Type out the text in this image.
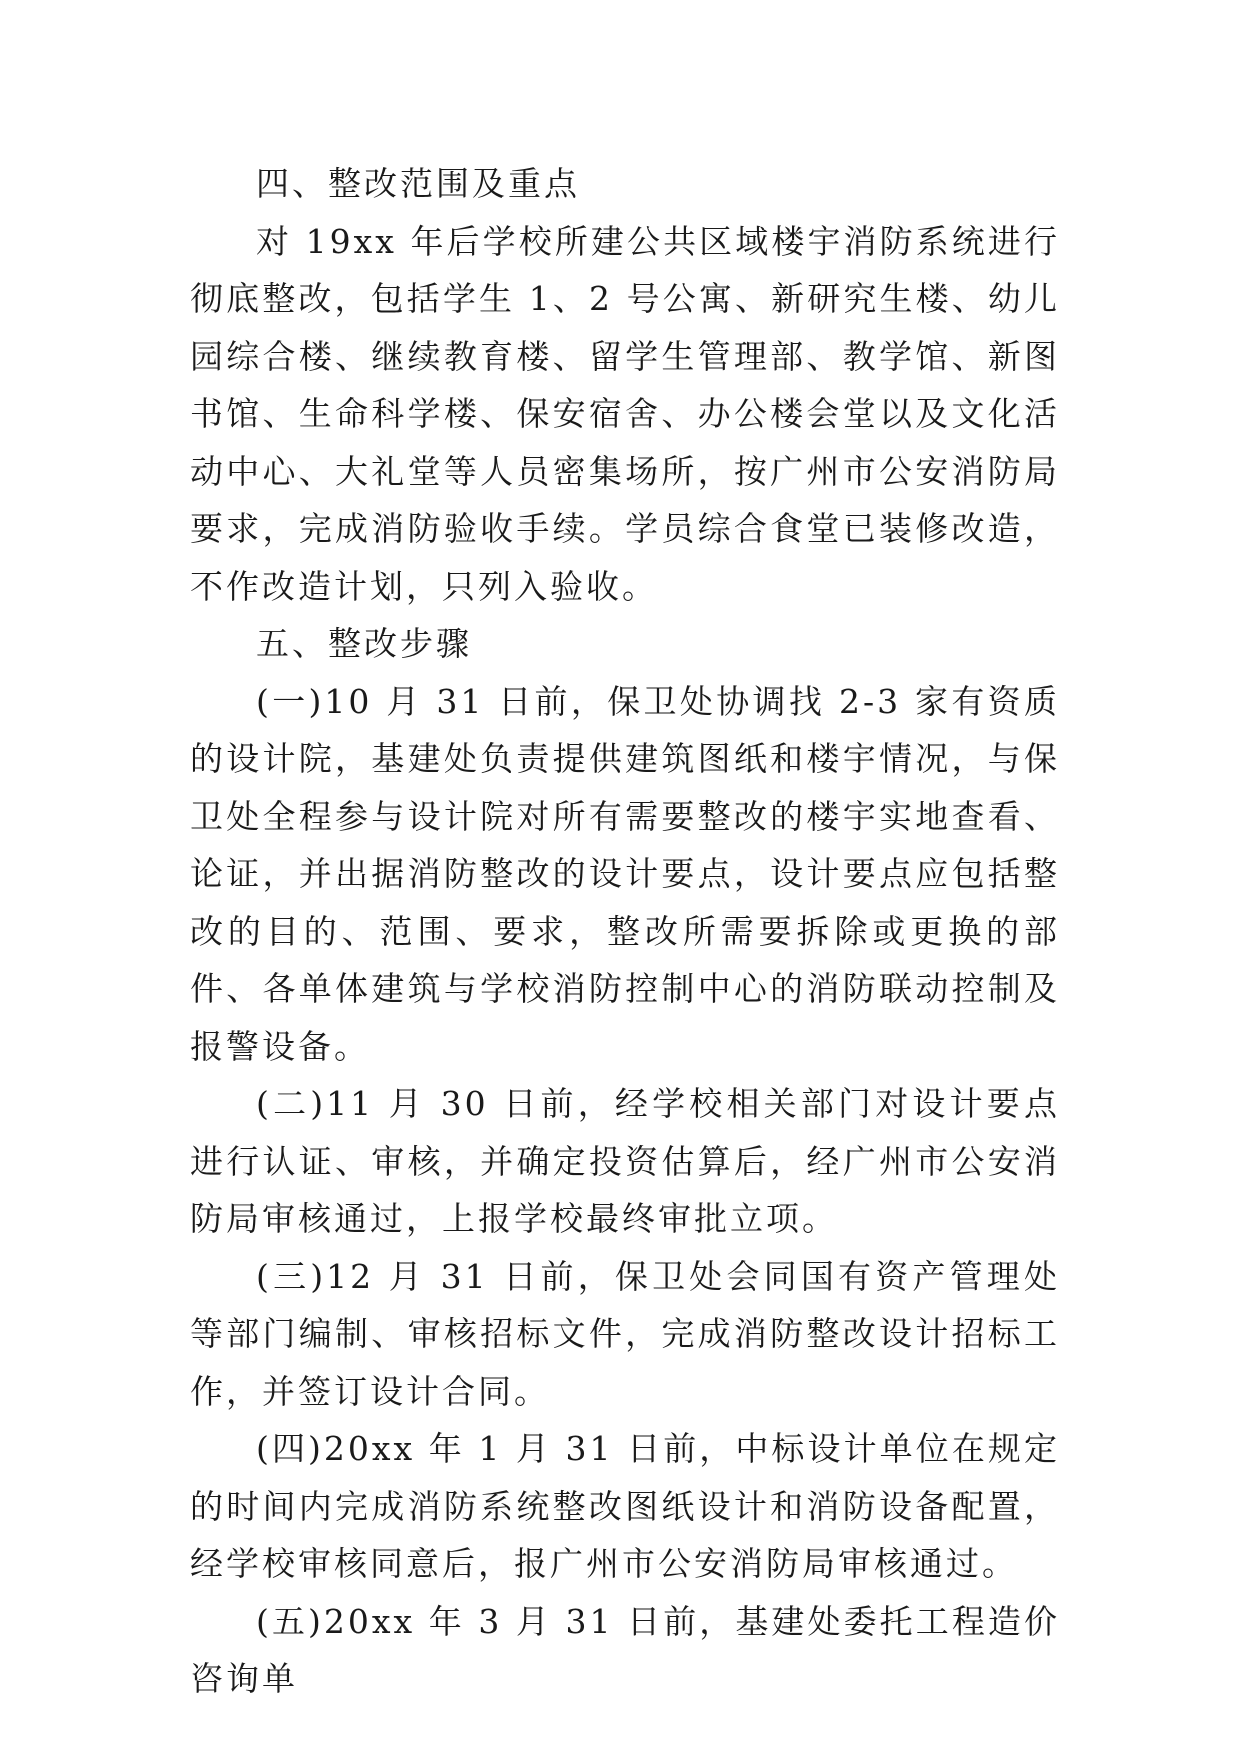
四、整改范围及重点

对 19xx 年后学校所建公共区域楼宇消防系统进行彻底整改，包括学生 1、2 号公寓、新研究生楼、幼儿园综合楼、继续教育楼、留学生管理部、教学馆、新图书馆、生命科学楼、保安宿舍、办公楼会堂以及文化活动中心、大礼堂等人员密集场所，按广州市公安消防局要求，完成消防验收手续。学员综合食堂已装修改造，不作改造计划，只列入验收。

五、整改步骤

(一)10 月 31 日前，保卫处协调找 2-3 家有资质的设计院，基建处负责提供建筑图纸和楼宇情况，与保卫处全程参与设计院对所有需要整改的楼宇实地查看、论证，并出据消防整改的设计要点，设计要点应包括整改的目的、范围、要求，整改所需要拆除或更换的部件、各单体建筑与学校消防控制中心的消防联动控制及报警设备。

(二)11 月 30 日前，经学校相关部门对设计要点进行认证、审核，并确定投资估算后，经广州市公安消防局审核通过，上报学校最终审批立项。

(三)12 月 31 日前，保卫处会同国有资产管理处等部门编制、审核招标文件，完成消防整改设计招标工作，并签订设计合同。

(四)20xx 年 1 月 31 日前，中标设计单位在规定的时间内完成消防系统整改图纸设计和消防设备配置，经学校审核同意后，报广州市公安消防局审核通过。

(五)20xx 年 3 月 31 日前，基建处委托工程造价咨询单
